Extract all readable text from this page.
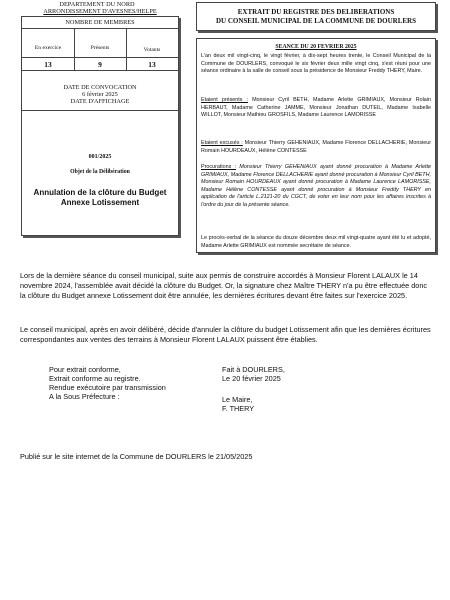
DEPARTEMENT DU NORD
ARRONDISSEMENT D'AVESNES/HELPE
NOMBRE DE MEMBRES
En exercice	Présents	Votants
13	9	13
DATE DE CONVOCATION
6 février 2025
DATE D'AFFICHAGE
001/2025
Objet de la Délibération
Annulation de la clôture du Budget Annexe Lotissement
EXTRAIT DU REGISTRE DES DELIBERATIONS
DU CONSEIL MUNICIPAL DE LA COMMUNE DE DOURLERS
SEANCE DU 20 FEVRIER 2025
L'an deux mil vingt-cinq, le vingt février, à dix-sept heures trente, le Conseil Municipal de la Commune de DOURLERS, convoqué le six février deux mille vingt cinq, s'est réuni pour une séance ordinaire à la salle de conseil sous la présidence de Monsieur Freddy THERY, Maire.
Etaient présents : Monsieur Cyril BETH, Madame Arlette GRIMIAUX, Monsieur Rolain HERBAUT, Madame Catherine JAMME, Monsieur Jonathan DUTEIL, Madame Isabelle WILLOT, Monsieur Mathieu GROSFILS, Madame Laurence LAMORISSE
Etaient excusés : Monsieur Thierry GEHENIAUX, Madame Florence DELLACHERIE, Monsieur Romain HOURDEAUX, Hélène CONTESSE
Procurations : Monsieur Thierry GEHENIAUX ayant donné procuration à Madame Arlette GRIMIAUX, Madame Florence DELLACHERIE ayant donné procuration à Monsieur Cyril BETH, Monsieur Romain HOURDEAUX ayant donné procuration à Madame Laurence LAMORISSE, Madame Hélène CONTESSE ayant donné procuration à Monsieur Freddy THERY en application de l'article L.2121-20 du CGCT, de voter en leur nom pour les affaires inscrites à l'ordre du jour de la présente séance.
Le procès-verbal de la séance du douze décembre deux mil vingt-quatre ayant été lu et adopté, Madame Arlette GRIMIAUX est nommée secrétaire de séance.
Lors de la dernière séance du conseil municipal, suite aux permis de construire accordés à Monsieur Florent LALAUX le 14 novembre 2024, l'assemblée avait décidé la clôture du Budget. Or, la signature chez Maître THERY n'a pu être effectuée donc la clôture du Budget annexe Lotissement doit être annulée, les dernières écritures devant être faites sur l'exercice 2025.
Le conseil municipal, après en avoir délibéré, décide d'annuler la clôture du budget Lotissement afin que les dernières écritures correspondantes aux ventes des terrains à Monsieur Florent LALAUX puissent être établies.
Pour extrait conforme,
Extrait conforme au registre.
Rendue exécutoire par transmission
A la Sous Préfecture :
Fait à DOURLERS,
Le 20 février 2025
Le Maire,
F. THERY
Publié sur le site internet de la Commune de DOURLERS le 21/05/2025
